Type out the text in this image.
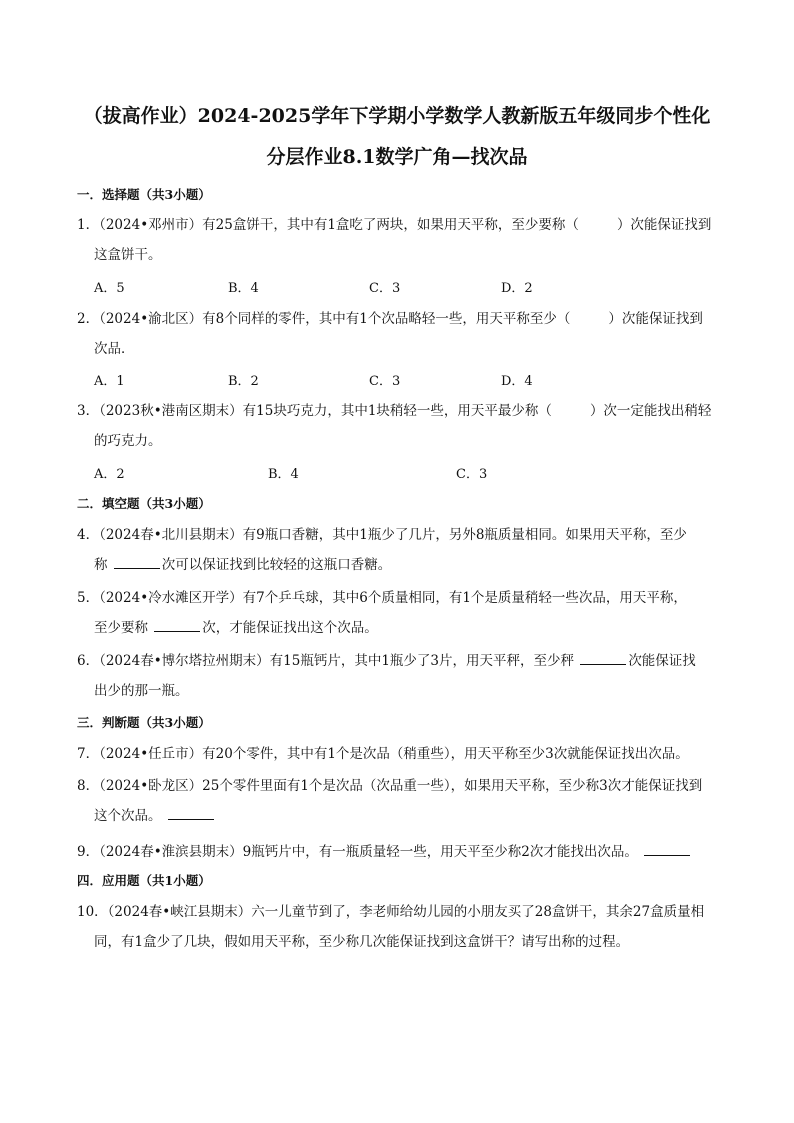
（拔高作业）2024-2025学年下学期小学数学人教新版五年级同步个性化
分层作业8.1数学广角—找次品
一．选择题（共3小题）
1．（2024•邓州市）有25盒饼干，其中有1盒吃了两块，如果用天平称，至少要称（	）次能保证找到
这盒饼干。
A．5	B．4	C．3	D．2
2．（2024•渝北区）有8个同样的零件，其中有1个次品略轻一些，用天平称至少（	）次能保证找到
次品．
A．1	B．2	C．3	D．4
3．（2023秋•港南区期末）有15块巧克力，其中1块稍轻一些，用天平最少称（	）次一定能找出稍轻
的巧克力。
A．2	B．4	C．3
二．填空题（共3小题）
4．（2024春•北川县期末）有9瓶口香糖，其中1瓶少了几片，另外8瓶质量相同。如果用天平称，至少
称	次可以保证找到比较轻的这瓶口香糖。
5．（2024•冷水滩区开学）有7个乒乓球，其中6个质量相同，有1个是质量稍轻一些次品，用天平称，
至少要称	次，才能保证找出这个次品。
6．（2024春•博尔塔拉州期末）有15瓶钙片，其中1瓶少了3片，用天平秤，至少秤	次能保证找
出少的那一瓶。
三．判断题（共3小题）
7．（2024•任丘市）有20个零件，其中有1个是次品（稍重些），用天平称至少3次就能保证找出次品。
8．（2024•卧龙区）25个零件里面有1个是次品（次品重一些），如果用天平称，至少称3次才能保证找到
这个次品。
9．（2024春•淮滨县期末）9瓶钙片中，有一瓶质量轻一些，用天平至少称2次才能找出次品。
四．应用题（共1小题）
10．（2024春•峡江县期末）六一儿童节到了，李老师给幼儿园的小朋友买了28盒饼干，其余27盒质量相
同，有1盒少了几块，假如用天平称，至少称几次能保证找到这盒饼干？请写出称的过程。
